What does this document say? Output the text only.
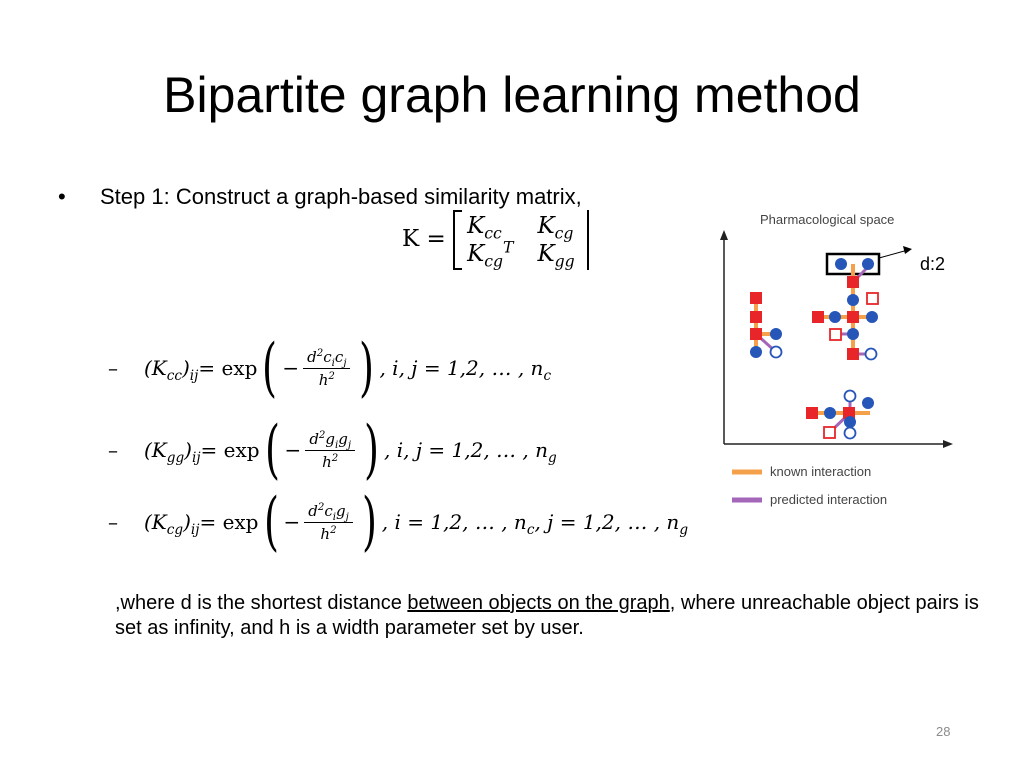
Bipartite graph learning method
• Step 1: Construct a graph-based similarity matrix,
$K = K_{cc}$	$K_{cg}$
$K_{cg}^T$	$K_{gg}$
–	$(K_{cc})_{ij} = \exp$ ( − $\frac{d^2c_ic_j}{h^2}$ ) , i, j = 1,2, … , $n_c$
–	$(K_{gg})_{ij} = \exp$ ( − $\frac{d^2g_ig_j}{h^2}$ ) , i, j = 1,2, … , $n_g$
–	$(K_{cg})_{ij} = \exp$ ( − $\frac{d^2c_ig_j}{h^2}$ ) , i = 1,2, … , $n_c$, j = 1,2, … , $n_g$
,where d is the shortest distance between objects on the graph, where unreachable object pairs is set as infinity, and h is a width parameter set by user.
Pharmacological space
known interaction
predicted interaction
d:2
28
